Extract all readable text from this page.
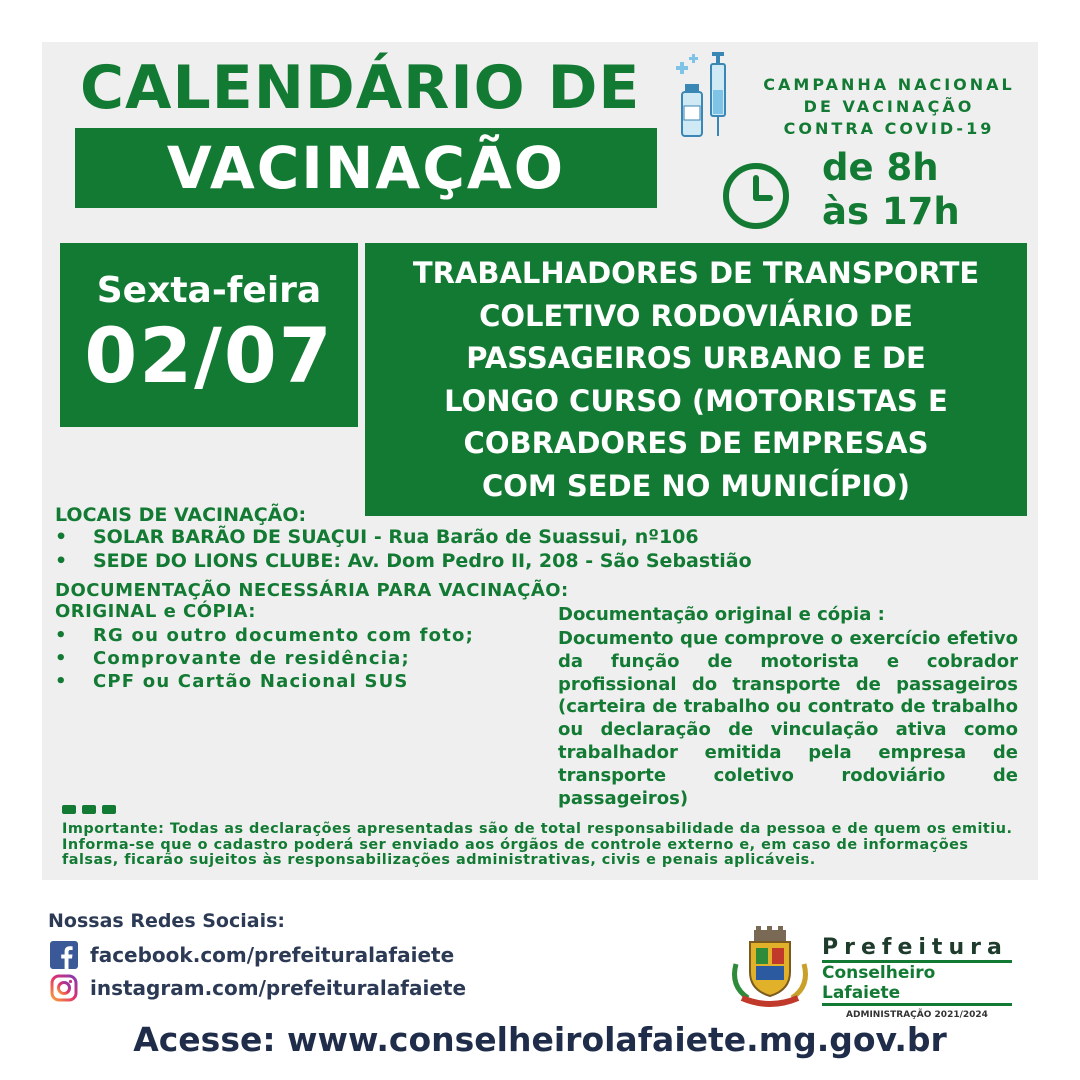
CALENDÁRIO DE
VACINAÇÃO
CAMPANHA NACIONAL
DE VACINAÇÃO
CONTRA COVID-19
de 8h
às 17h
Sexta-feira
02/07
TRABALHADORES DE TRANSPORTE
COLETIVO RODOVIÁRIO DE
PASSAGEIROS URBANO E DE
LONGO CURSO (MOTORISTAS E
COBRADORES DE EMPRESAS
COM SEDE NO MUNICÍPIO)
LOCAIS DE VACINAÇÃO:
• SOLAR BARÃO DE SUAÇUI - Rua Barão de Suassui, nº106
• SEDE DO LIONS CLUBE: Av. Dom Pedro II, 208 - São Sebastião
DOCUMENTAÇÃO NECESSÁRIA PARA VACINAÇÃO:
ORIGINAL e CÓPIA:
• RG ou outro documento com foto;
• Comprovante de residência;
• CPF ou Cartão Nacional SUS
Documentação original e cópia :
Documento que comprove o exercício efetivo da função de motorista e cobrador profissional do transporte de passageiros (carteira de trabalho ou contrato de trabalho ou declaração de vinculação ativa como trabalhador emitida pela empresa de transporte coletivo rodoviário de passageiros)
Importante: Todas as declarações apresentadas são de total responsabilidade da pessoa e de quem os emitiu. Informa-se que o cadastro poderá ser enviado aos órgãos de controle externo e, em caso de informações falsas, ficarão sujeitos às responsabilizações administrativas, civis e penais aplicáveis.
Nossas Redes Sociais:
facebook.com/prefeituralafaiete
instagram.com/prefeituralafaiete
Prefeitura
Conselheiro Lafaiete
ADMINISTRAÇÃO 2021/2024
Acesse: www.conselheirolafaiete.mg.gov.br
